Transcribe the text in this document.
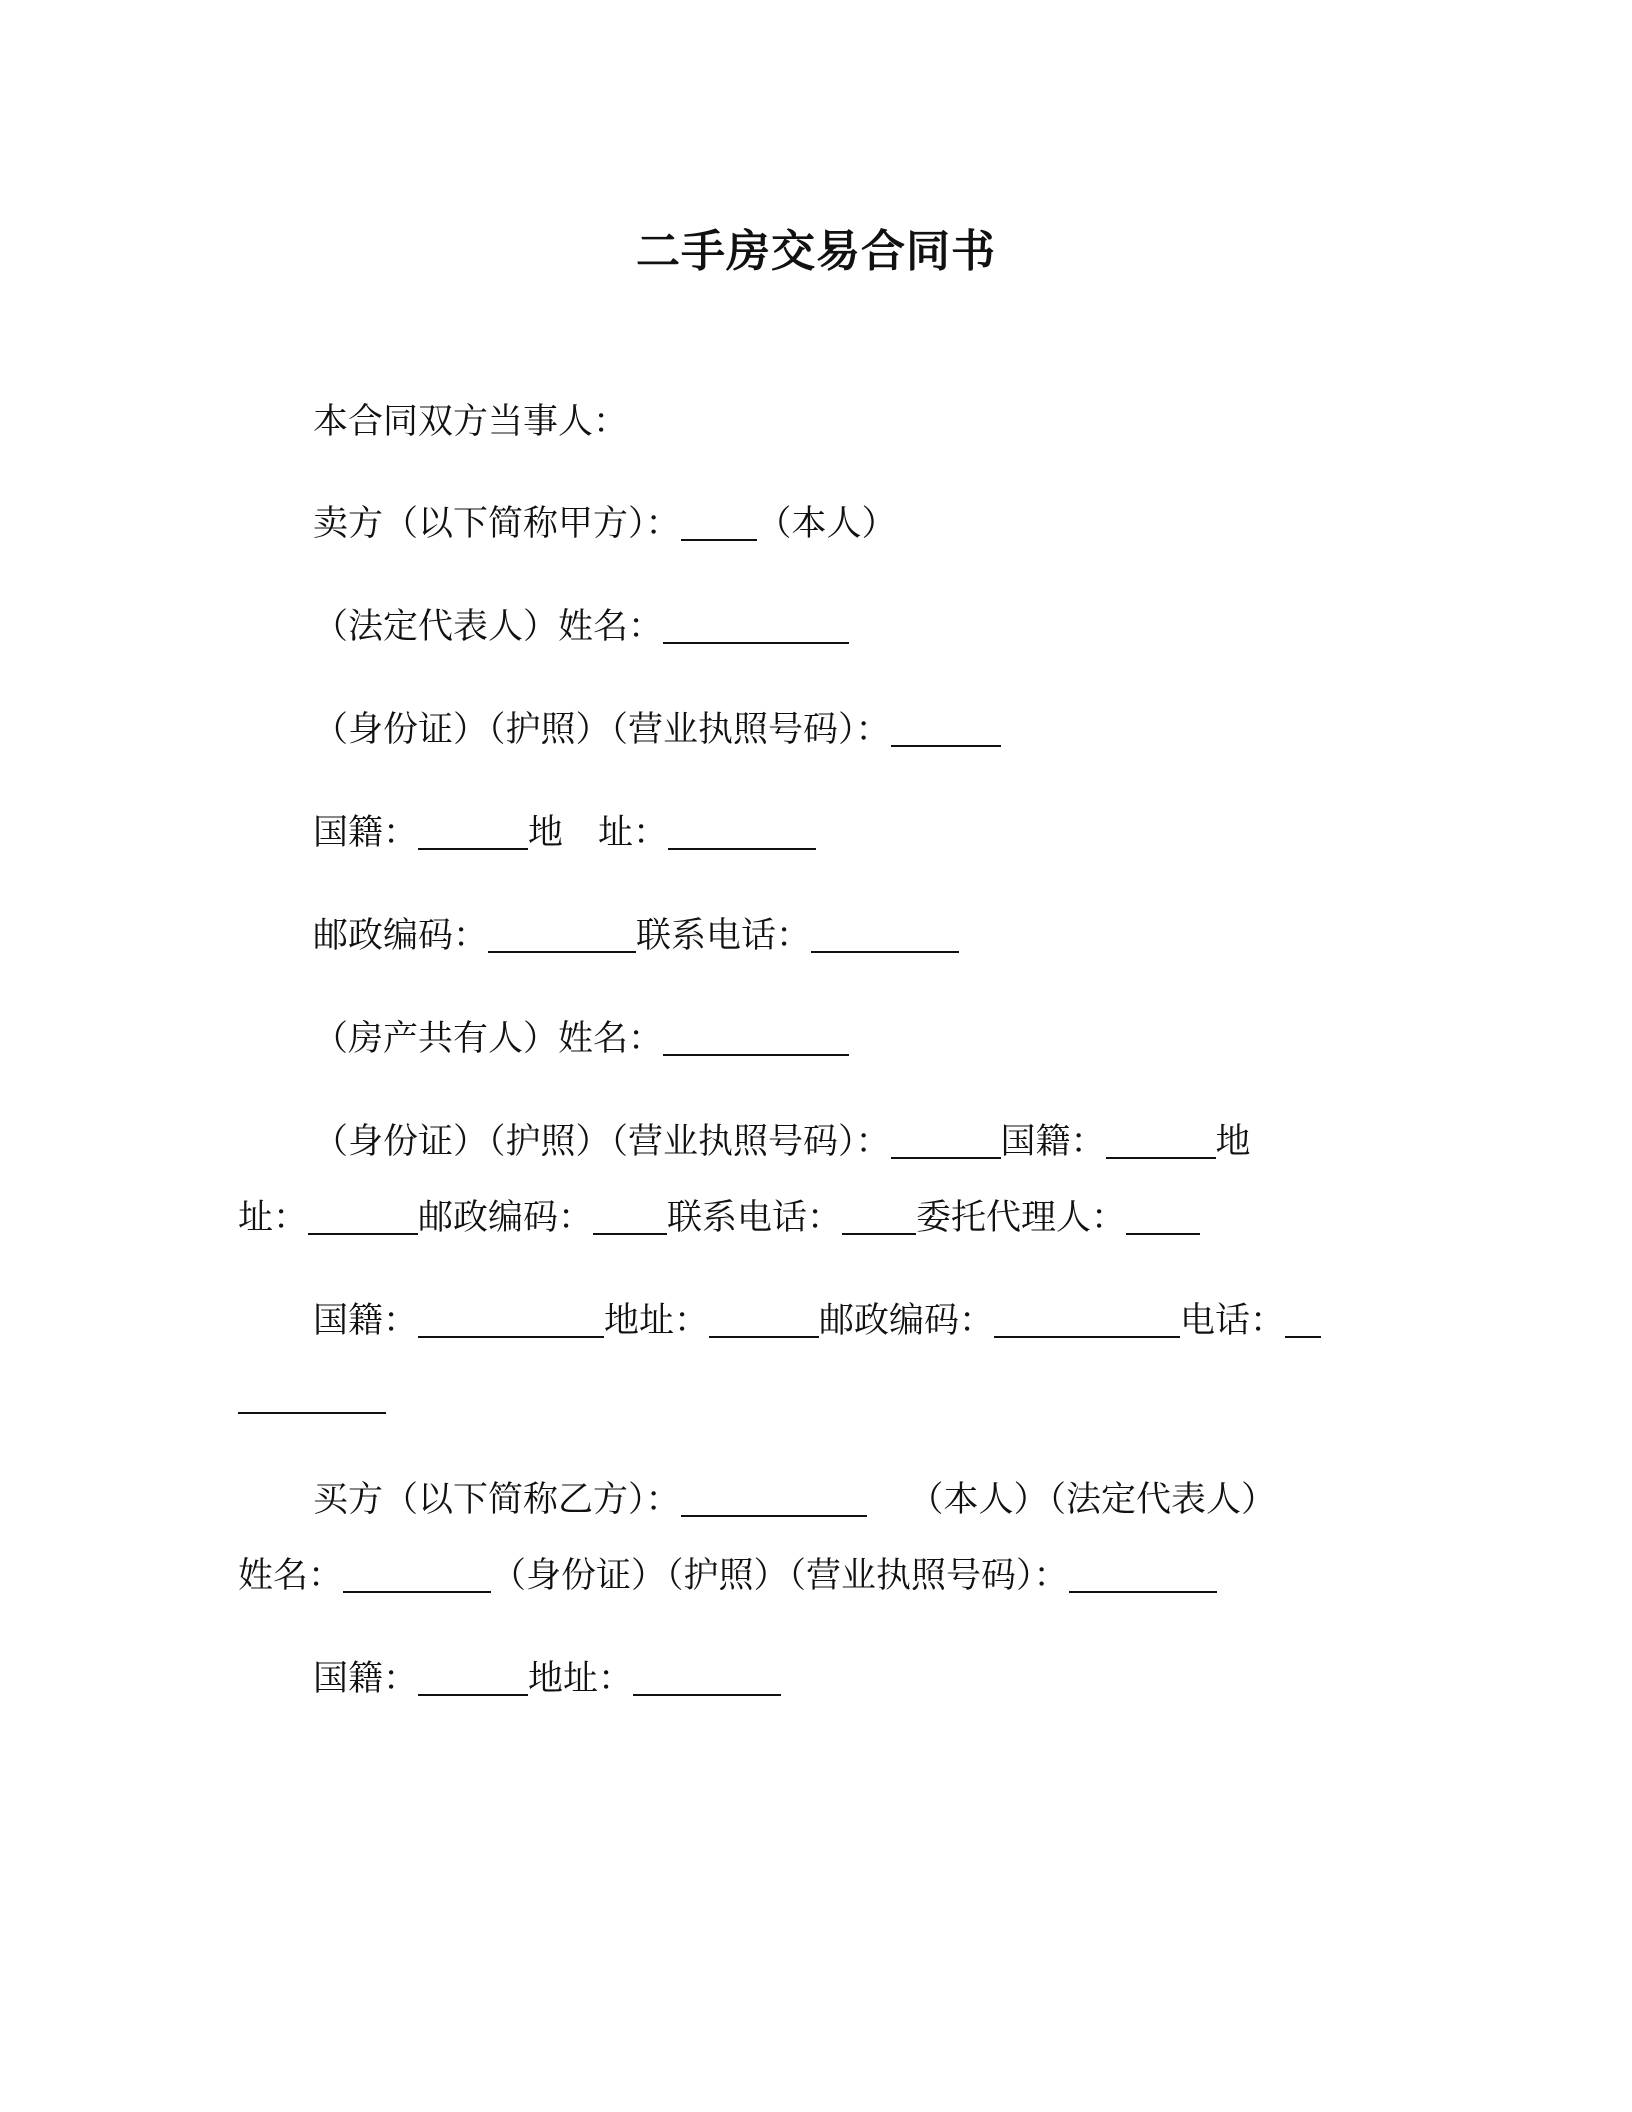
二手房交易合同书
本合同双方当事人：
卖方（以下简称甲方）： （本人）
（法定代表人）姓名：
（身份证）（护照）（营业执照号码）：
国籍：	地　址：
邮政编码：	联系电话：
（房产共有人）姓名：
（身份证）（护照）（营业执照号码）：	国籍：	地
址：	邮政编码： 联系电话： 委托代理人：
国籍：	地址：	邮政编码：	电话：
买方（以下简称乙方）：	（本人）（法定代表人）
姓名：	（身份证）（护照）（营业执照号码）：
国籍：	地址：
